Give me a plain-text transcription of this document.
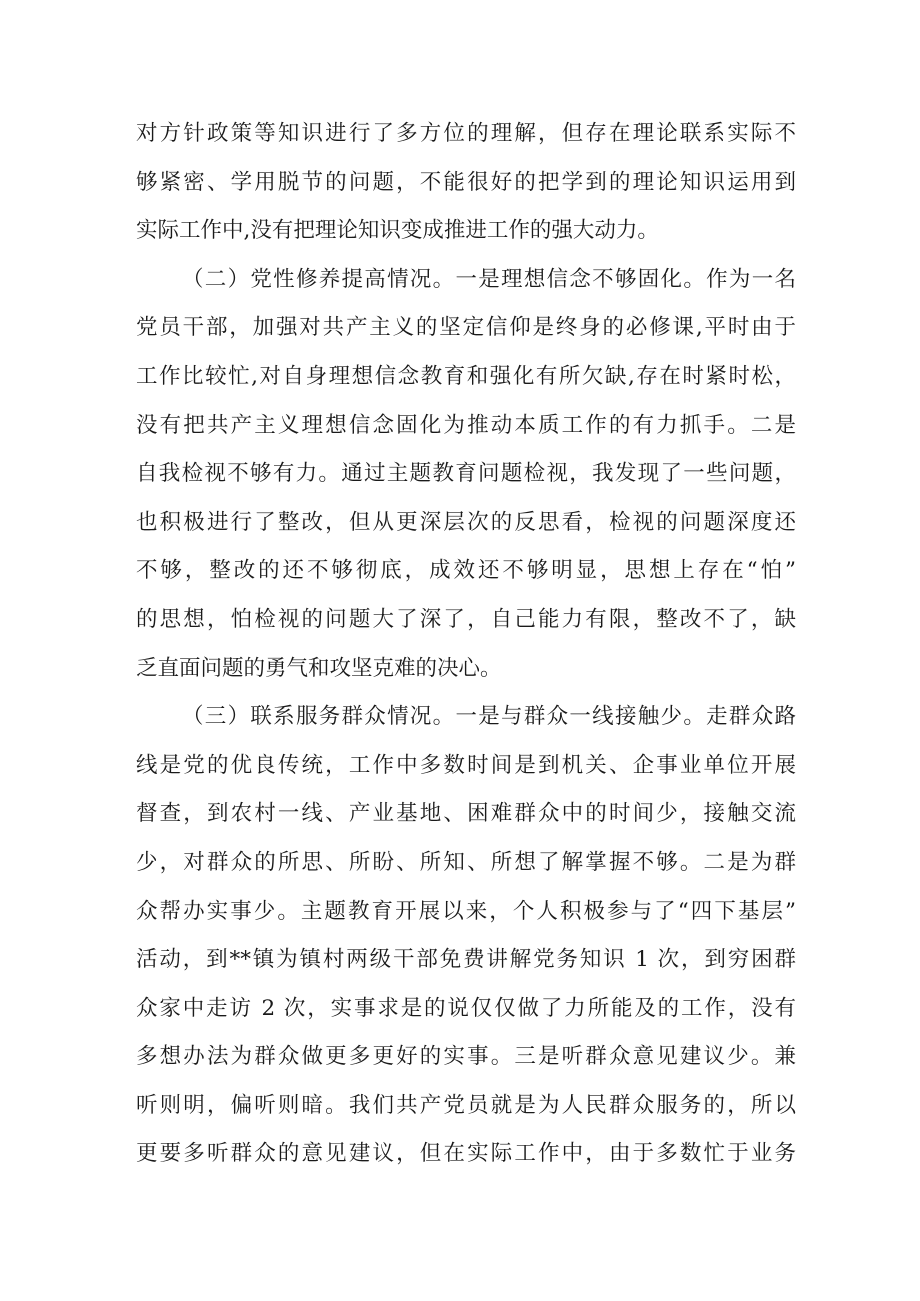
对方针政策等知识进行了多方位的理解，但存在理论联系实际不
够紧密、学用脱节的问题，不能很好的把学到的理论知识运用到
实际工作中,没有把理论知识变成推进工作的强大动力。
（二）党性修养提高情况。一是理想信念不够固化。作为一名
党员干部，加强对共产主义的坚定信仰是终身的必修课,平时由于
工作比较忙,对自身理想信念教育和强化有所欠缺,存在时紧时松，
没有把共产主义理想信念固化为推动本质工作的有力抓手。二是
自我检视不够有力。通过主题教育问题检视，我发现了一些问题，
也积极进行了整改，但从更深层次的反思看，检视的问题深度还
不够，整改的还不够彻底，成效还不够明显，思想上存在“怕”
的思想，怕检视的问题大了深了，自己能力有限，整改不了，缺
乏直面问题的勇气和攻坚克难的决心。
（三）联系服务群众情况。一是与群众一线接触少。走群众路
线是党的优良传统，工作中多数时间是到机关、企事业单位开展
督查，到农村一线、产业基地、困难群众中的时间少，接触交流
少，对群众的所思、所盼、所知、所想了解掌握不够。二是为群
众帮办实事少。主题教育开展以来，个人积极参与了“四下基层”
活动，到**镇为镇村两级干部免费讲解党务知识 1 次，到穷困群
众家中走访 2 次，实事求是的说仅仅做了力所能及的工作，没有
多想办法为群众做更多更好的实事。三是听群众意见建议少。兼
听则明，偏听则暗。我们共产党员就是为人民群众服务的，所以
更要多听群众的意见建议，但在实际工作中，由于多数忙于业务
